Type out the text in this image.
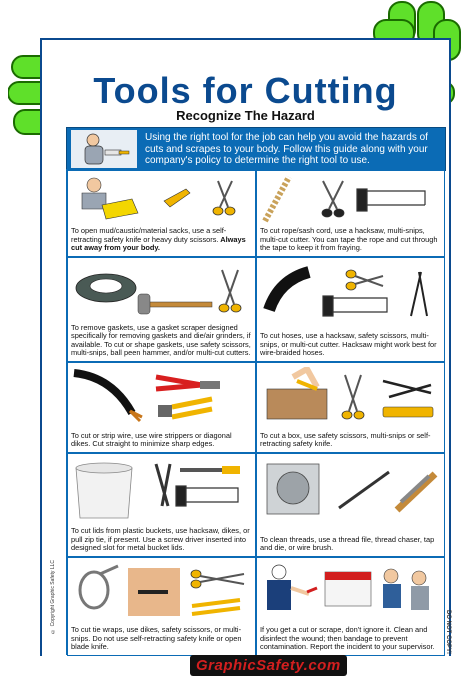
Tools for Cutting
Recognize The Hazard
Using the right tool for the job can help you avoid the hazards of cuts and scrapes to your body. Follow this guide along with your company's policy to determine the right tool to use.
To open mud/caustic/material sacks, use a self-retracting safety knife or heavy duty scissors. Always cut away from your body.
To cut rope/sash cord, use a hacksaw, multi-snips, multi-cut cutter. You can tape the rope and cut through the tape to keep it from fraying.
To remove gaskets, use a gasket scraper designed specifically for removing gaskets and die/air grinders, if available. To cut or shape gaskets, use safety scissors, multi-snips, ball peen hammer, and/or multi-cut cutters.
To cut hoses, use a hacksaw, safety scissors, multi-snips, or multi-cut cutter. Hacksaw might work best for wire-braided hoses.
To cut or strip wire, use wire strippers or diagonal dikes. Cut straight to minimize sharp edges.
To cut a box, use safety scissors, multi-snips or self-retracting safety knife.
To cut lids from plastic buckets, use hacksaw, dikes, or pull zip tie, if present. Use a screw driver inserted into designed slot for metal bucket lids.
To clean threads, use a thread file, thread chaser, tap and die, or wire brush.
To cut tie wraps, use dikes, safety scissors, or multi-snips. Do not use self-retracting safety knife or open blade knife.
If you get a cut or scrape, don't ignore it. Clean and disinfect the wound; then bandage to prevent contamination. Report the incident to your supervisor.
GraphicSafety.com
© Copyright Graphic Safety LLC	DO NOT COPY!
